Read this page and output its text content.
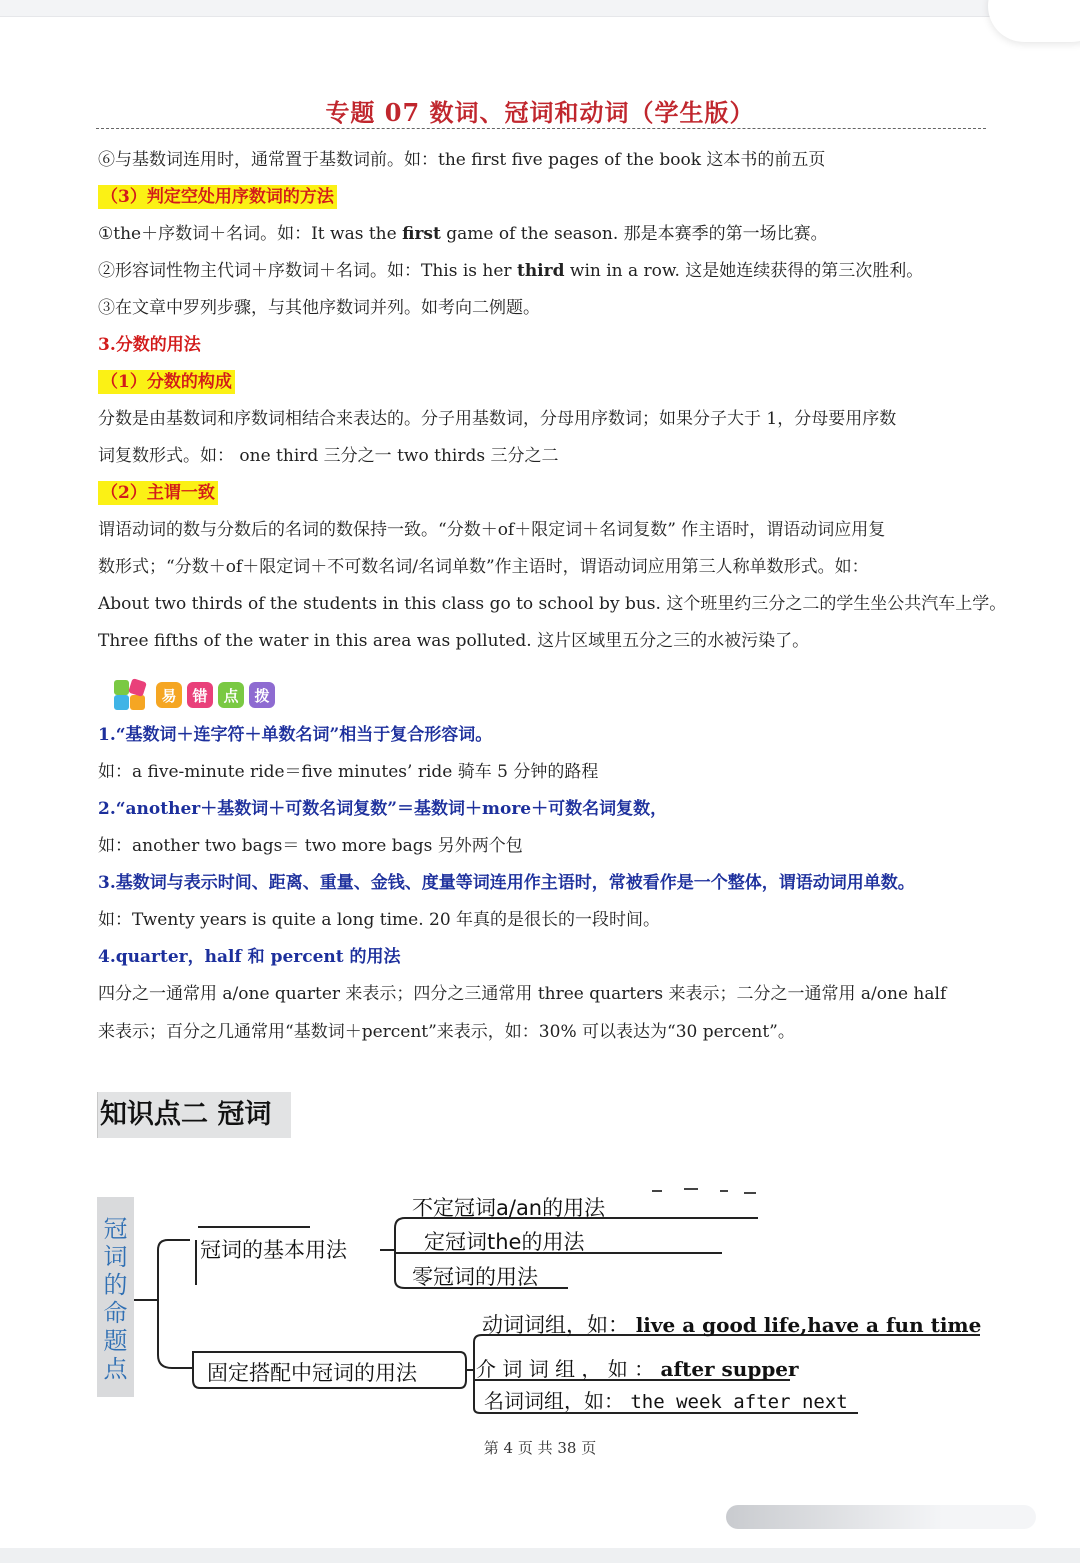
专题 07 数词、冠词和动词（学生版）
⑥与基数词连用时，通常置于基数词前。如：the first five pages of the book 这本书的前五页
（3）判定空处用序数词的方法
①the＋序数词＋名词。如：It was the first game of the season. 那是本赛季的第一场比赛。
②形容词性物主代词＋序数词＋名词。如：This is her third win in a row. 这是她连续获得的第三次胜利。
③在文章中罗列步骤，与其他序数词并列。如考向二例题。
3.分数的用法
（1）分数的构成
分数是由基数词和序数词相结合来表达的。分子用基数词，分母用序数词；如果分子大于 1，分母要用序数
词复数形式。如： one third 三分之一 two thirds 三分之二
（2）主谓一致
谓语动词的数与分数后的名词的数保持一致。“分数＋of＋限定词＋名词复数” 作主语时，谓语动词应用复
数形式；“分数＋of＋限定词＋不可数名词/名词单数”作主语时，谓语动词应用第三人称单数形式。如：
About two thirds of the students in this class go to school by bus. 这个班里约三分之二的学生坐公共汽车上学。
Three fifths of the water in this area was polluted. 这片区域里五分之三的水被污染了。
易	错	点	拨
1.“基数词＋连字符＋单数名词”相当于复合形容词。
如：a five-minute ride＝five minutes’ ride 骑车 5 分钟的路程
2.“another＋基数词＋可数名词复数”＝基数词＋more＋可数名词复数，
如：another two bags＝ two more bags 另外两个包
3.基数词与表示时间、距离、重量、金钱、度量等词连用作主语时，常被看作是一个整体，谓语动词用单数。
如：Twenty years is quite a long time. 20 年真的是很长的一段时间。
4.quarter，half 和 percent 的用法
四分之一通常用 a/one quarter 来表示；四分之三通常用 three quarters 来表示；二分之一通常用 a/one half
来表示；百分之几通常用“基数词＋percent”来表示，如：30% 可以表达为“30 percent”。
知识点二 冠词
冠词的命题点
冠词的基本用法
不定冠词a/an的用法
定冠词the的用法
零冠词的用法
固定搭配中冠词的用法
动词词组，如： live a good life,have a fun time
介 词 词 组 ， 如 ： after supper
名词词组，如： the week after next
第 4 页 共 38 页
